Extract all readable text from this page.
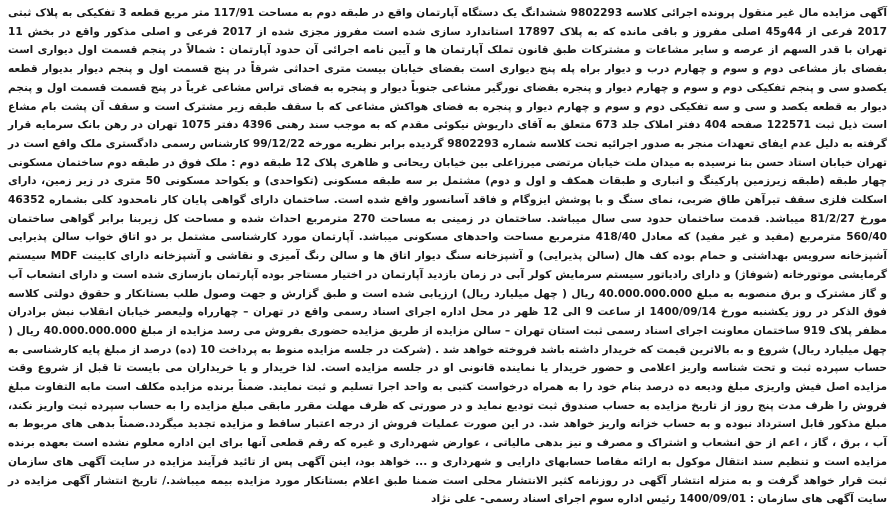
آگهی مزایده مال غیر منقول پرونده اجرائی کلاسه 9802293 ششدانگ یک دستگاه آپارتمان واقع در طبقه دوم به مساحت 117/91 متر مربع قطعه 3 تفکیکی به پلاک ثبتی 2017 فرعی از 44و45 اصلی مفروز و باقی مانده که به پلاک 17897 استاندارد سازی شده است مفروز مجزی شده از 2017 فرعی و اصلی مذکور واقع در بخش 11 تهران با قدر السهم از عرصه و سایر مشاعات و مشترکات طبق قانون تملک آپارتمان ها و آیین نامه اجرائی آن حدود آپارتمان : شمالاً در پنجم قسمت اول دیواری است بفضای باز مشاعی دوم و سوم و چهارم درب و دیوار براه پله پنج دیواری است بفضای خیابان بیست متری احداثی شرقاً در پنج قسمت اول و پنجم دیوار بدیوار قطعه یکصدو سی و پنجم تفکیکی دوم و سوم و چهارم دیوار و پنجره بفضای نورگیر مشاعی جنوباً دیوار و پنجره به فضای تراس مشاعی غرباً در پنج قسمت قسمت اول و پنجم دیوار به قطعه یکصد و سی و سه تفکیکی دوم و سوم و چهارم دیوار و پنجره به فضای هواکش مشاعی که با سقف طبقه زیر مشترک است و سقف آن پشت بام مشاع است ذیل ثبت 122571 صفحه 404 دفتر املاک جلد 673 متعلق به آقای داریوش نیکوئی مقدم که به موجب سند رهنی 4396 دفتر 1075 تهران در رهن بانک سرمایه قرار گرفته به دلیل عدم ایفای تعهدات منجر به صدور اجرائیه تحت کلاسه شماره 9802293 گردیده برابر نظریه مورخه 99/12/22 کارشناس رسمی دادگستری ملک واقع است در تهران خیابان استاد حسن بنا نرسیده به میدان ملت خیابان مرتضی میرزاعلی بین خیابان ریحانی و ظاهری پلاک 12 طبقه دوم : ملک فوق در طبقه دوم ساختمان مسکونی چهار طبقه (طبقه زیرزمین پارکینگ و انباری و طبقات همکف و اول و دوم) مشتمل بر سه طبقه مسکونی (تکواحدی) و یکواحد مسکونی 50 متری در زیر زمین، دارای اسکلت فلزی سقف تیرآهن طاق ضربی، نمای سنگ و با پوشش ایزوگام و فاقد آسانسور واقع شده است. ساختمان دارای گواهی پایان کار نامحدود کلی بشماره 46352 مورخ 81/2/27 میباشد. قدمت ساختمان حدود سی سال میباشد. ساختمان در زمینی به مساحت 270 مترمربع احداث شده و مساحت کل زیربنا برابر گواهی ساختمان 560/40 مترمربع (مفید و غیر مفید) که معادل 418/40 مترمربع مساحت واحدهای مسکونی میباشد. آپارتمان مورد کارشناسی مشتمل بر دو اتاق خواب سالن پذیرایی آشپزخانه سرویس بهداشتی و حمام بوده کف هال (سالن پذیرایی) و آشپزخانه سنگ دیوار اتاق ها و سالن رنگ آمیزی و نقاشی و آشپزخانه دارای کابینت MDF سیستم گرمایشی موتورخانه (شوفاژ) و دارای رادیاتور سیستم سرمایش کولر آبی در زمان بازدید آپارتمان در اختیار مستاجر بوده آپارتمان بازسازی شده است و دارای انشعاب آب و گاز مشترک و برق منصوبه به مبلغ 40.000.000.000 ریال ( چهل میلیارد ریال) ارزیابی شده است و طبق گزارش و جهت وصول طلب بستانکار و حقوق دولتی کلاسه فوق الذکر در روز یکشنبه مورخ 1400/09/14 از ساعت 9 الی 12 ظهر در محل اداره اجرای اسناد رسمی واقع در تهران – چهارراه ولیعصر خیابان انقلاب نبش برادران مظفر پلاک 919 ساختمان معاونت اجرای اسناد رسمی ثبت استان تهران – سالن مزایده از طریق مزایده حضوری بفروش می رسد مزایده از مبلغ 40.000.000.000 ریال ( چهل میلیارد ریال) شروع و به بالاترین قیمت که خریدار داشته باشد فروخته خواهد شد . (شرکت در جلسه مزایده منوط به پرداخت 10 (ده) درصد از مبلغ پایه کارشناسی به حساب سپرده ثبت و تحت شناسه واریز اعلامی و حضور خریدار یا نماینده قانونی او در جلسه مزایده است. لذا خریدار و یا خریداران می بایست تا قبل از شروع وقت مزایده اصل فیش واریزی مبلغ ودیعه ده درصد بنام خود را به همراه درخواست کتبی به واحد اجرا تسلیم و ثبت نمایند. ضمناً برنده مزایده مکلف است مابه التفاوت مبلغ فروش را ظرف مدت پنج روز از تاریخ مزایده به حساب صندوق ثبت تودیع نماید و در صورتی که ظرف مهلت مقرر مابقی مبلغ مزایده را به حساب سپرده ثبت واریز نکند، مبلغ مذکور قابل استرداد نبوده و به حساب خزانه واریز خواهد شد. در این صورت عملیات فروش از درجه اعتبار ساقط و مزایده تجدید میگردد.ضمناً بدهی های مربوط به آب ، برق ، گاز ، اعم از حق انشعاب و اشتراک و مصرف و نیز بدهی مالیاتی ، عوارض شهرداری و غیره که رقم قطعی آنها برای این اداره معلوم نشده است بعهده برنده مزایده است و تنظیم سند انتقال موکول به ارائه مفاصا حسابهای دارایی و شهرداری و ... خواهد بود، اینن آگهی پس از تائید فرآیند مزایده در سایت آگهی های سازمان ثبت قرار خواهد گرفت و به منزله انتشار آگهی در روزنامه کثیر الانتشار محلی است ضمنا طبق اعلام بستانکار مورد مزایده بیمه میباشد./ تاریخ انتشار آگهی مزایده در سایت آگهی های سازمان : 1400/09/01 رئیس اداره سوم اجرای اسناد رسمی- علی نژاد
